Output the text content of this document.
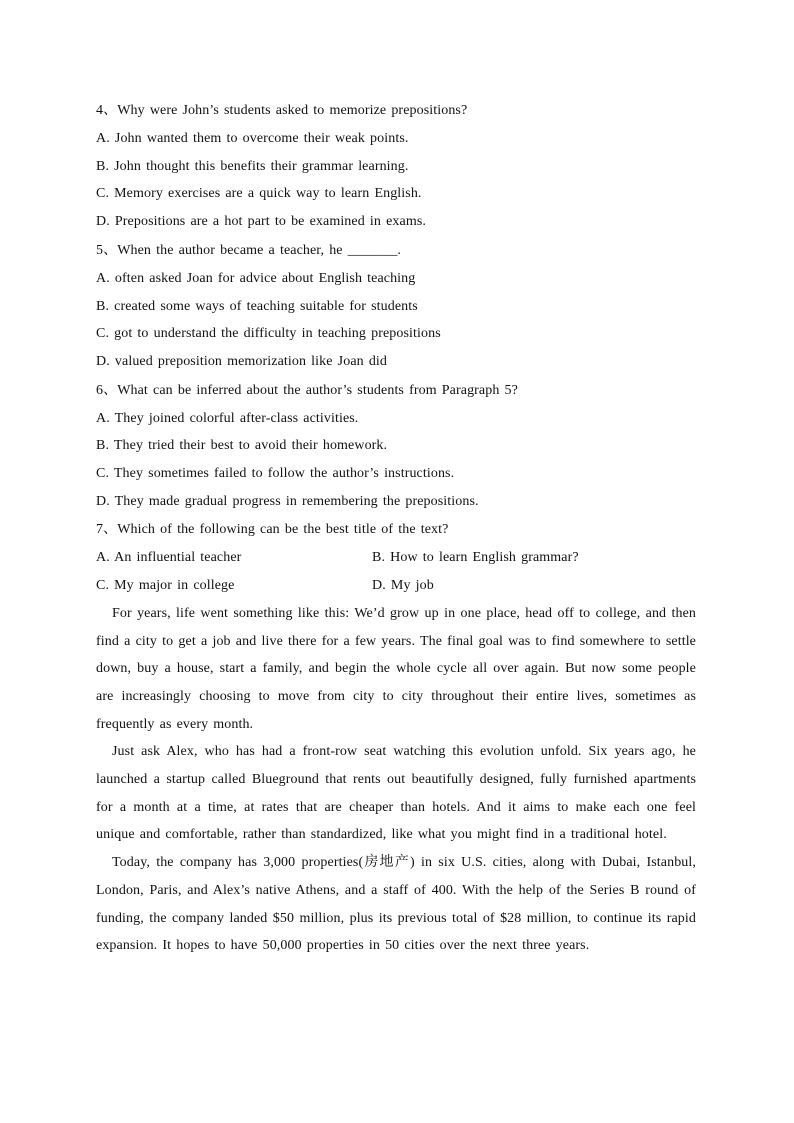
4、Why were John’s students asked to memorize prepositions?
A. John wanted them to overcome their weak points.
B. John thought this benefits their grammar learning.
C. Memory exercises are a quick way to learn English.
D. Prepositions are a hot part to be examined in exams.
5、When the author became a teacher, he _______.
A. often asked Joan for advice about English teaching
B. created some ways of teaching suitable for students
C. got to understand the difficulty in teaching prepositions
D. valued preposition memorization like Joan did
6、What can be inferred about the author’s students from Paragraph 5?
A. They joined colorful after-class activities.
B. They tried their best to avoid their homework.
C. They sometimes failed to follow the author’s instructions.
D. They made gradual progress in remembering the prepositions.
7、Which of the following can be the best title of the text?
A. An influential teacher	B. How to learn English grammar?
C. My major in college	D. My job

For years, life went something like this: We’d grow up in one place, head off to college, and then find a city to get a job and live there for a few years. The final goal was to find somewhere to settle down, buy a house, start a family, and begin the whole cycle all over again. But now some people are increasingly choosing to move from city to city throughout their entire lives, sometimes as frequently as every month.

Just ask Alex, who has had a front-row seat watching this evolution unfold. Six years ago, he launched a startup called Blueground that rents out beautifully designed, fully furnished apartments for a month at a time, at rates that are cheaper than hotels. And it aims to make each one feel unique and comfortable, rather than standardized, like what you might find in a traditional hotel.

Today, the company has 3,000 properties(房地产) in six U.S. cities, along with Dubai, Istanbul, London, Paris, and Alex’s native Athens, and a staff of 400. With the help of the Series B round of funding, the company landed $50 million, plus its previous total of $28 million, to continue its rapid expansion. It hopes to have 50,000 properties in 50 cities over the next three years.
